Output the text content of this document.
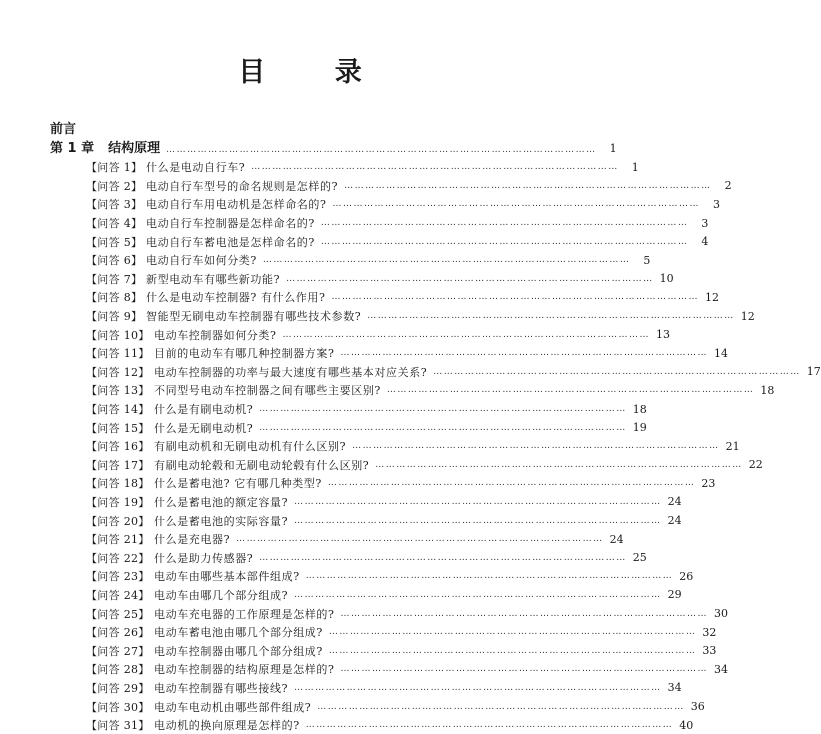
目 录
前言
第 1 章 结构原理 ……………………………………………………………………………………………………………	1
【问答 1】 什么是电动自行车? ……………………………………………………………………………………………	1
【问答 2】 电动自行车型号的命名规则是怎样的? ……………………………………………………………………………………………	2
【问答 3】 电动自行车用电动机是怎样命名的? ……………………………………………………………………………………………	3
【问答 4】 电动自行车控制器是怎样命名的? ……………………………………………………………………………………………	3
【问答 5】 电动自行车蓄电池是怎样命名的? ……………………………………………………………………………………………	4
【问答 6】 电动自行车如何分类? ……………………………………………………………………………………………	5
【问答 7】 新型电动车有哪些新功能? …………………………………………………………………………………………… 10
【问答 8】 什么是电动车控制器? 有什么作用? …………………………………………………………………………………………… 12
【问答 9】 智能型无刷电动车控制器有哪些技术参数? …………………………………………………………………………………………… 12
【问答 10】 电动车控制器如何分类? …………………………………………………………………………………………… 13
【问答 11】 目前的电动车有哪几种控制器方案? …………………………………………………………………………………………… 14
【问答 12】 电动车控制器的功率与最大速度有哪些基本对应关系? …………………………………………………………………………………………… 17
【问答 13】 不同型号电动车控制器之间有哪些主要区别? …………………………………………………………………………………………… 18
【问答 14】 什么是有刷电动机? …………………………………………………………………………………………… 18
【问答 15】 什么是无刷电动机? …………………………………………………………………………………………… 19
【问答 16】 有刷电动机和无刷电动机有什么区别? …………………………………………………………………………………………… 21
【问答 17】 有刷电动轮毂和无刷电动轮毂有什么区别? …………………………………………………………………………………………… 22
【问答 18】 什么是蓄电池? 它有哪几种类型? …………………………………………………………………………………………… 23
【问答 19】 什么是蓄电池的额定容量? …………………………………………………………………………………………… 24
【问答 20】 什么是蓄电池的实际容量? …………………………………………………………………………………………… 24
【问答 21】 什么是充电器? …………………………………………………………………………………………… 24
【问答 22】 什么是助力传感器? …………………………………………………………………………………………… 25
【问答 23】 电动车由哪些基本部件组成? …………………………………………………………………………………………… 26
【问答 24】 电动车由哪几个部分组成? …………………………………………………………………………………………… 29
【问答 25】 电动车充电器的工作原理是怎样的? …………………………………………………………………………………………… 30
【问答 26】 电动车蓄电池由哪几个部分组成? …………………………………………………………………………………………… 32
【问答 27】 电动车控制器由哪几个部分组成? …………………………………………………………………………………………… 33
【问答 28】 电动车控制器的结构原理是怎样的? …………………………………………………………………………………………… 34
【问答 29】 电动车控制器有哪些接线? …………………………………………………………………………………………… 34
【问答 30】 电动车电动机由哪些部件组成? …………………………………………………………………………………………… 36
【问答 31】 电动机的换向原理是怎样的? …………………………………………………………………………………………… 40
